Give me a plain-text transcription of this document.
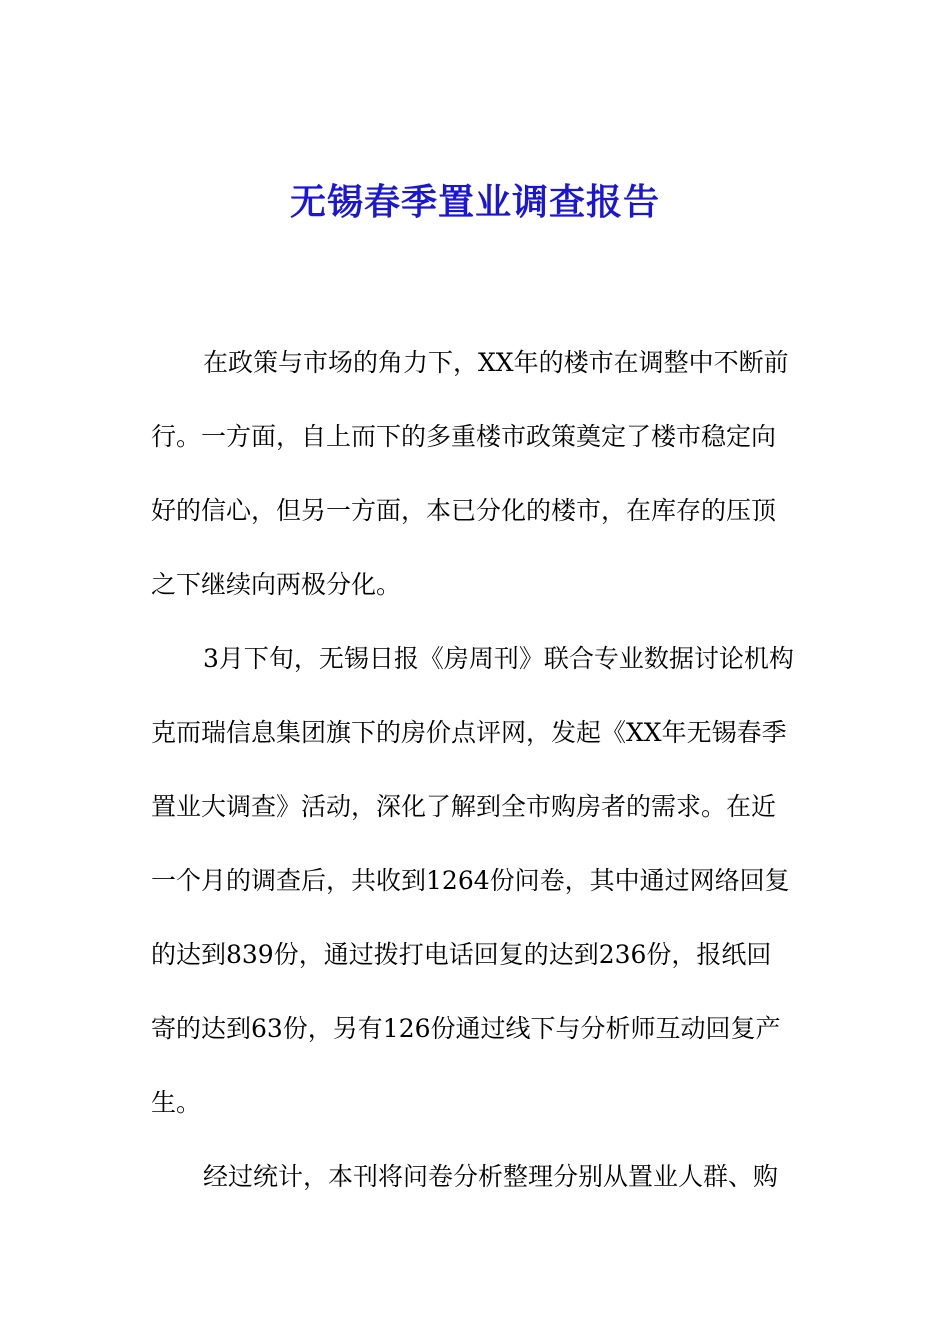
无锡春季置业调查报告
在政策与市场的角力下，XX年的楼市在调整中不断前
行。一方面，自上而下的多重楼市政策奠定了楼市稳定向
好的信心，但另一方面，本已分化的楼市，在库存的压顶
之下继续向两极分化。
3月下旬，无锡日报《房周刊》联合专业数据讨论机构
克而瑞信息集团旗下的房价点评网，发起《XX年无锡春季
置业大调查》活动，深化了解到全市购房者的需求。在近
一个月的调查后，共收到1264份问卷，其中通过网络回复
的达到839份，通过拨打电话回复的达到236份，报纸回
寄的达到63份，另有126份通过线下与分析师互动回复产
生。
经过统计，本刊将问卷分析整理分别从置业人群、购
